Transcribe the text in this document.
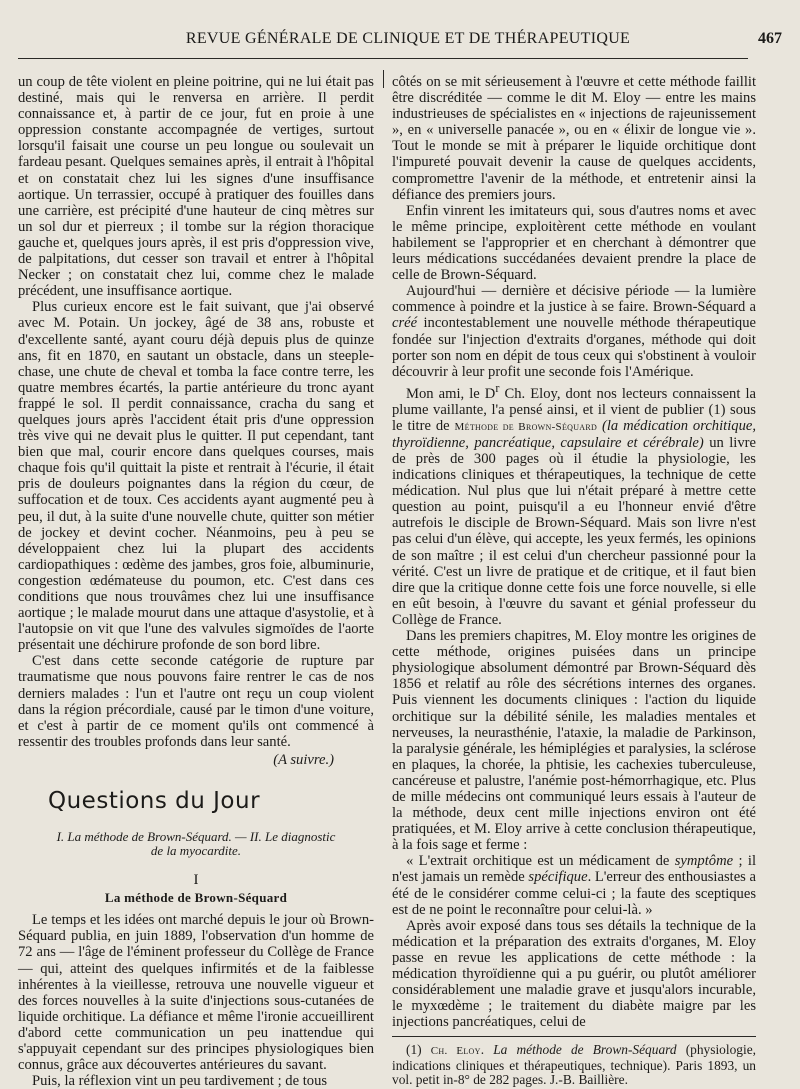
REVUE GÉNÉRALE DE CLINIQUE ET DE THÉRAPEUTIQUE	467

un coup de tête violent en pleine poitrine, qui ne lui était pas destiné, mais qui le renversa en arrière. Il perdit connaissance et, à partir de ce jour, fut en proie à une oppression constante accompagnée de vertiges, surtout lorsqu'il faisait une course un peu longue ou soulevait un fardeau pesant. Quelques semaines après, il entrait à l'hôpital et on constatait chez lui les signes d'une insuffisance aortique. Un terrassier, occupé à pratiquer des fouilles dans une carrière, est précipité d'une hauteur de cinq mètres sur un sol dur et pierreux ; il tombe sur la région thoracique gauche et, quelques jours après, il est pris d'oppression vive, de palpitations, dut cesser son travail et entrer à l'hôpital Necker ; on constatait chez lui, comme chez le malade précédent, une insuffisance aortique.

Plus curieux encore est le fait suivant, que j'ai observé avec M. Potain. Un jockey, âgé de 38 ans, robuste et d'excellente santé, ayant couru déjà depuis plus de quinze ans, fit en 1870, en sautant un obstacle, dans un steeple-chase, une chute de cheval et tomba la face contre terre, les quatre membres écartés, la partie antérieure du tronc ayant frappé le sol. Il perdit connaissance, cracha du sang et quelques jours après l'accident était pris d'une oppression très vive qui ne devait plus le quitter. Il put cependant, tant bien que mal, courir encore dans quelques courses, mais chaque fois qu'il quittait la piste et rentrait à l'écurie, il était pris de douleurs poignantes dans la région du cœur, de suffocation et de toux. Ces accidents ayant augmenté peu à peu, il dut, à la suite d'une nouvelle chute, quitter son métier de jockey et devint cocher. Néanmoins, peu à peu se développaient chez lui la plupart des accidents cardiopathiques : œdème des jambes, gros foie, albuminurie, congestion œdémateuse du poumon, etc. C'est dans ces conditions que nous trouvâmes chez lui une insuffisance aortique ; le malade mourut dans une attaque d'asystolie, et à l'autopsie on vit que l'une des valvules sigmoïdes de l'aorte présentait une déchirure profonde de son bord libre.

C'est dans cette seconde catégorie de rupture par traumatisme que nous pouvons faire rentrer le cas de nos derniers malades : l'un et l'autre ont reçu un coup violent dans la région précordiale, causé par le timon d'une voiture, et c'est à partir de ce moment qu'ils ont commencé à ressentir des troubles profonds dans leur santé.

(A suivre.)
Questions du Jour
I. La méthode de Brown-Séquard. — II. Le diagnostic
de la myocardite.
I
La méthode de Brown-Séquard

Le temps et les idées ont marché depuis le jour où Brown-Séquard publia, en juin 1889, l'observation d'un homme de 72 ans — l'âge de l'éminent professeur du Collège de France — qui, atteint des quelques infirmités et de la faiblesse inhérentes à la vieillesse, retrouva une nouvelle vigueur et des forces nouvelles à la suite d'injections sous-cutanées de liquide orchitique. La défiance et même l'ironie accueillirent d'abord cette communication un peu inattendue qui s'appuyait cependant sur des principes physiologiques bien connus, grâce aux découvertes antérieures du savant.

Puis, la réflexion vint un peu tardivement ; de tous

côtés on se mit sérieusement à l'œuvre et cette méthode faillit être discréditée — comme le dit M. Eloy — entre les mains industrieuses de spécialistes en « injections de rajeunissement », en « universelle panacée », ou en « élixir de longue vie ». Tout le monde se mit à préparer le liquide orchitique dont l'impureté pouvait devenir la cause de quelques accidents, compromettre l'avenir de la méthode, et entretenir ainsi la défiance des premiers jours.

Enfin vinrent les imitateurs qui, sous d'autres noms et avec le même principe, exploitèrent cette méthode en voulant habilement se l'approprier et en cherchant à démontrer que leurs médications succédanées devaient prendre la place de celle de Brown-Séquard.

Aujourd'hui — dernière et décisive période — la lumière commence à poindre et la justice à se faire. Brown-Séquard a créé incontestablement une nouvelle méthode thérapeutique fondée sur l'injection d'extraits d'organes, méthode qui doit porter son nom en dépit de tous ceux qui s'obstinent à vouloir découvrir à leur profit une seconde fois l'Amérique.

Mon ami, le $D^r$ Ch. Eloy, dont nos lecteurs connaissent la plume vaillante, l'a pensé ainsi, et il vient de publier (1) sous le titre de Méthode de Brown-Séquard (la médication orchitique, thyroïdienne, pancréatique, capsulaire et cérébrale) un livre de près de 300 pages où il étudie la physiologie, les indications cliniques et thérapeutiques, la technique de cette médication. Nul plus que lui n'était préparé à mettre cette question au point, puisqu'il a eu l'honneur envié d'être autrefois le disciple de Brown-Séquard. Mais son livre n'est pas celui d'un élève, qui accepte, les yeux fermés, les opinions de son maître ; il est celui d'un chercheur passionné pour la vérité. C'est un livre de pratique et de critique, et il faut bien dire que la critique donne cette fois une force nouvelle, si elle en eût besoin, à l'œuvre du savant et génial professeur du Collège de France.

Dans les premiers chapitres, M. Eloy montre les origines de cette méthode, origines puisées dans un principe physiologique absolument démontré par Brown-Séquard dès 1856 et relatif au rôle des sécrétions internes des organes. Puis viennent les documents cliniques : l'action du liquide orchitique sur la débilité sénile, les maladies mentales et nerveuses, la neurasthénie, l'ataxie, la maladie de Parkinson, la paralysie générale, les hémiplégies et paralysies, la sclérose en plaques, la chorée, la phtisie, les cachexies tuberculeuse, cancéreuse et palustre, l'anémie post-hémorrhagique, etc. Plus de mille médecins ont communiqué leurs essais à l'auteur de la méthode, deux cent mille injections environ ont été pratiquées, et M. Eloy arrive à cette conclusion thérapeutique, à la fois sage et ferme :

« L'extrait orchitique est un médicament de symptôme ; il n'est jamais un remède spécifique. L'erreur des enthousiastes a été de le considérer comme celui-ci ; la faute des sceptiques est de ne point le reconnaître pour celui-là. »

Après avoir exposé dans tous ses détails la technique de la médication et la préparation des extraits d'organes, M. Eloy passe en revue les applications de cette méthode : la médication thyroïdienne qui a pu guérir, ou plutôt améliorer considérablement une maladie grave et jusqu'alors incurable, le myxœdème ; le traitement du diabète maigre par les injections pancréatiques, celui de

(1) Ch. Eloy. La méthode de Brown-Séquard (physiologie, indications cliniques et thérapeutiques, technique). Paris 1893, un vol. petit in-8° de 282 pages. J.-B. Baillière.
